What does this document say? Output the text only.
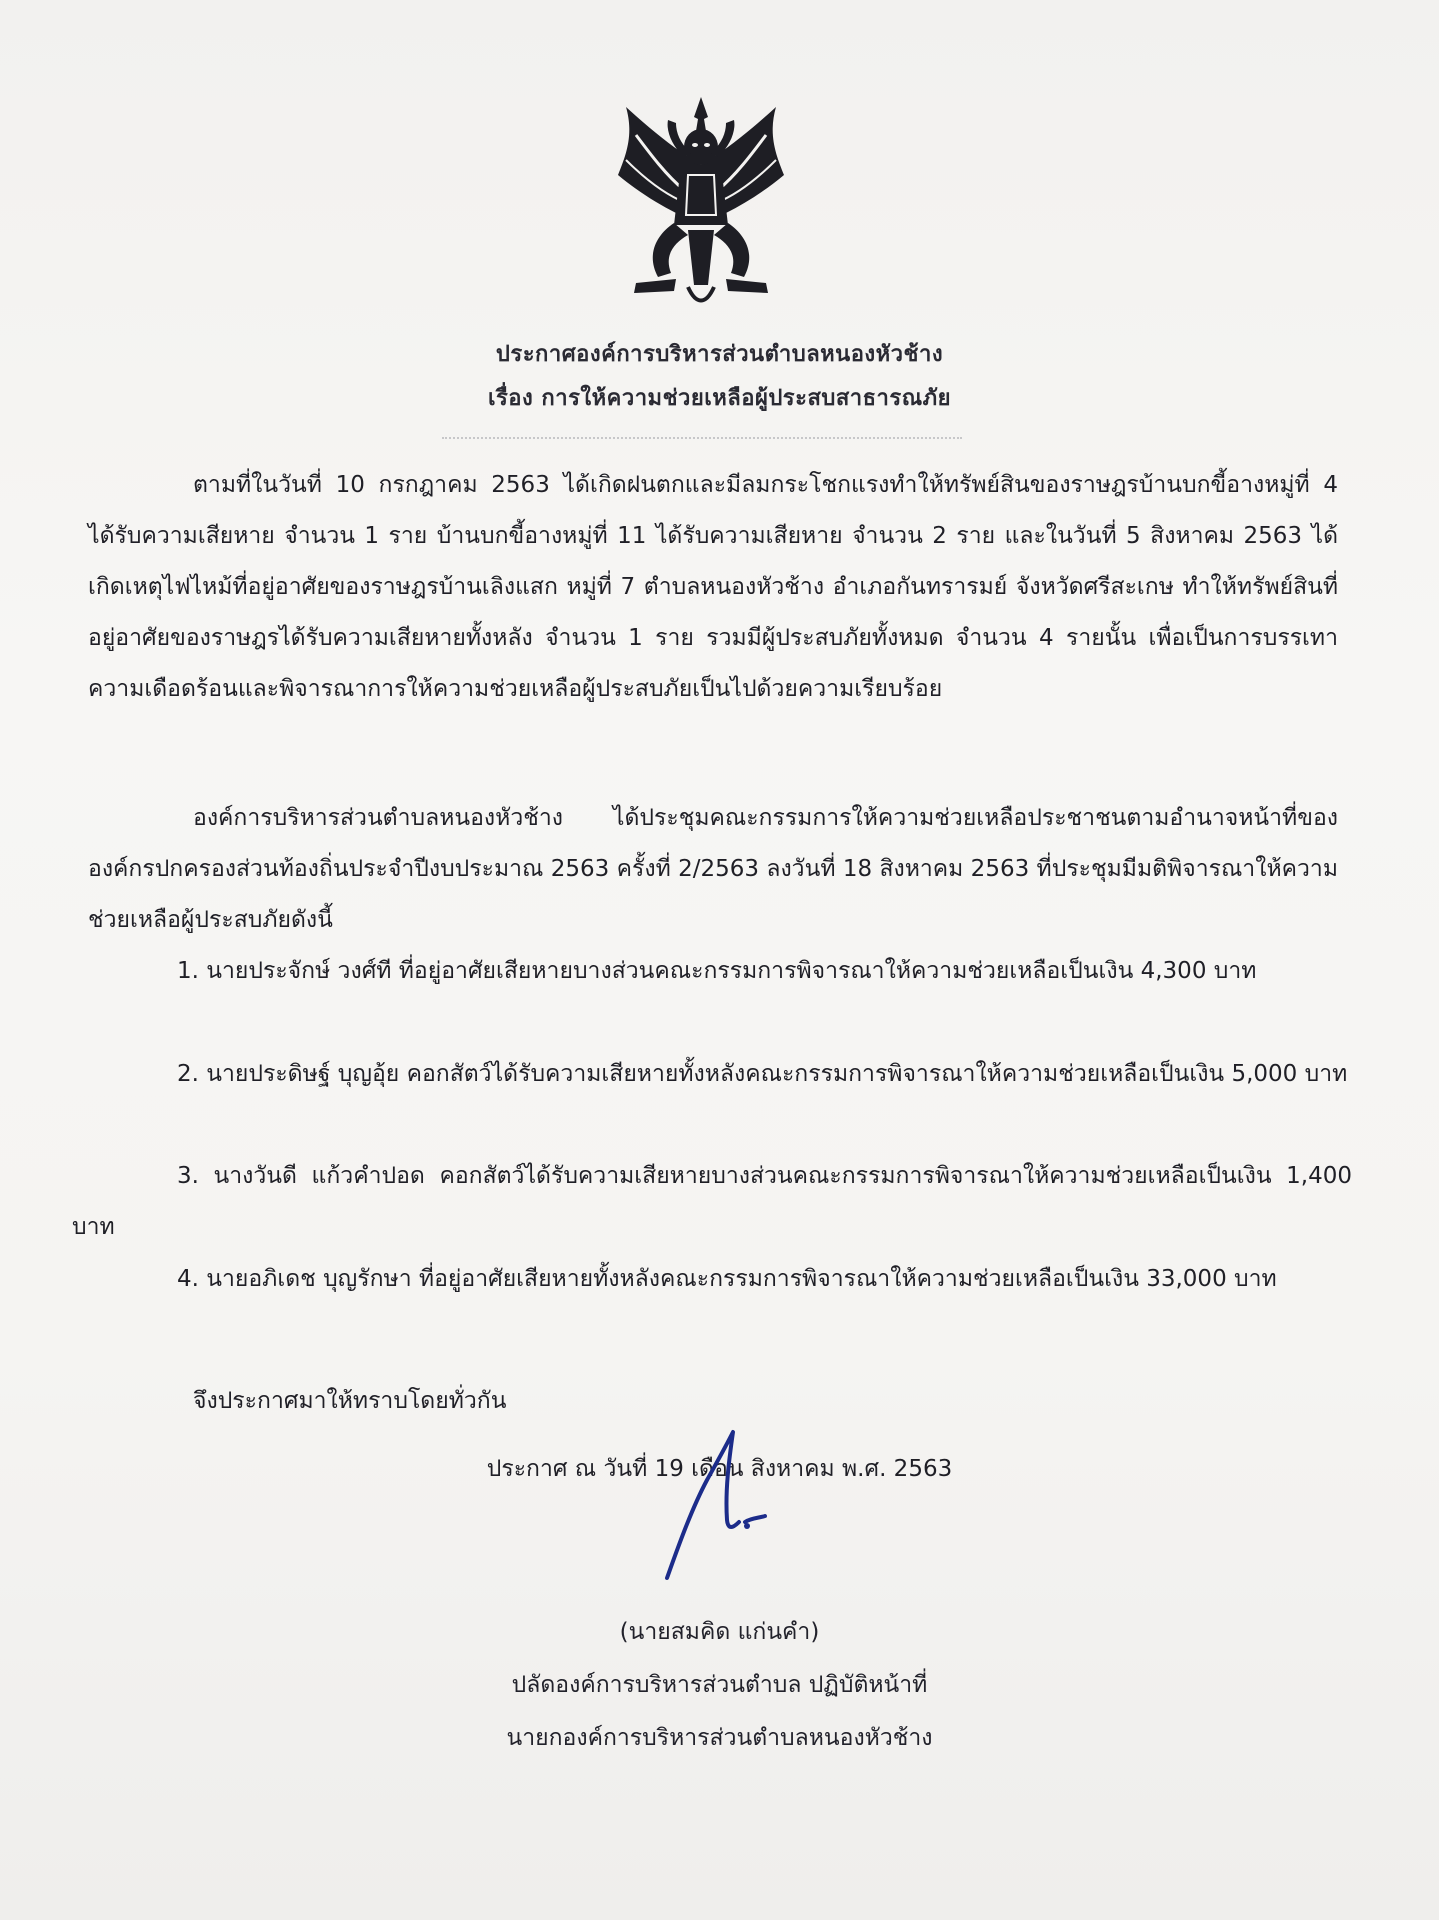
ประกาศองค์การบริหารส่วนตำบลหนองหัวช้าง
เรื่อง การให้ความช่วยเหลือผู้ประสบสาธารณภัย

ตามที่ในวันที่ 10 กรกฎาคม 2563 ได้เกิดฝนตกและมีลมกระโชกแรงทำให้ทรัพย์สินของราษฎรบ้านบกขี้อางหมู่ที่ 4 ได้รับความเสียหาย จำนวน 1 ราย บ้านบกขี้อางหมู่ที่ 11 ได้รับความเสียหาย จำนวน 2 ราย และในวันที่ 5 สิงหาคม 2563 ได้เกิดเหตุไฟไหม้ที่อยู่อาศัยของราษฎรบ้านเลิงแสก หมู่ที่ 7 ตำบลหนองหัวช้าง อำเภอกันทรารมย์ จังหวัดศรีสะเกษ ทำให้ทรัพย์สินที่อยู่อาศัยของราษฎรได้รับความเสียหายทั้งหลัง จำนวน 1 ราย รวมมีผู้ประสบภัยทั้งหมด จำนวน 4 รายนั้น เพื่อเป็นการบรรเทาความเดือดร้อนและพิจารณาการให้ความช่วยเหลือผู้ประสบภัยเป็นไปด้วยความเรียบร้อย

องค์การบริหารส่วนตำบลหนองหัวช้าง ได้ประชุมคณะกรรมการให้ความช่วยเหลือประชาชนตามอำนาจหน้าที่ขององค์กรปกครองส่วนท้องถิ่นประจำปีงบประมาณ 2563 ครั้งที่ 2/2563 ลงวันที่ 18 สิงหาคม 2563 ที่ประชุมมีมติพิจารณาให้ความช่วยเหลือผู้ประสบภัยดังนี้

1. นายประจักษ์ วงศ์ที ที่อยู่อาศัยเสียหายบางส่วนคณะกรรมการพิจารณาให้ความช่วยเหลือเป็นเงิน 4,300 บาท

2. นายประดิษฐ์ บุญอุ้ย คอกสัตว์ได้รับความเสียหายทั้งหลังคณะกรรมการพิจารณาให้ความช่วยเหลือเป็นเงิน 5,000 บาท

3. นางวันดี แก้วคำปอด คอกสัตว์ได้รับความเสียหายบางส่วนคณะกรรมการพิจารณาให้ความช่วยเหลือเป็นเงิน 1,400 บาท

4. นายอภิเดช บุญรักษา ที่อยู่อาศัยเสียหายทั้งหลังคณะกรรมการพิจารณาให้ความช่วยเหลือเป็นเงิน 33,000 บาท

จึงประกาศมาให้ทราบโดยทั่วกัน

ประกาศ ณ วันที่ 19 เดือน สิงหาคม พ.ศ. 2563
(นายสมคิด แก่นคำ)
ปลัดองค์การบริหารส่วนตำบล ปฏิบัติหน้าที่
นายกองค์การบริหารส่วนตำบลหนองหัวช้าง
